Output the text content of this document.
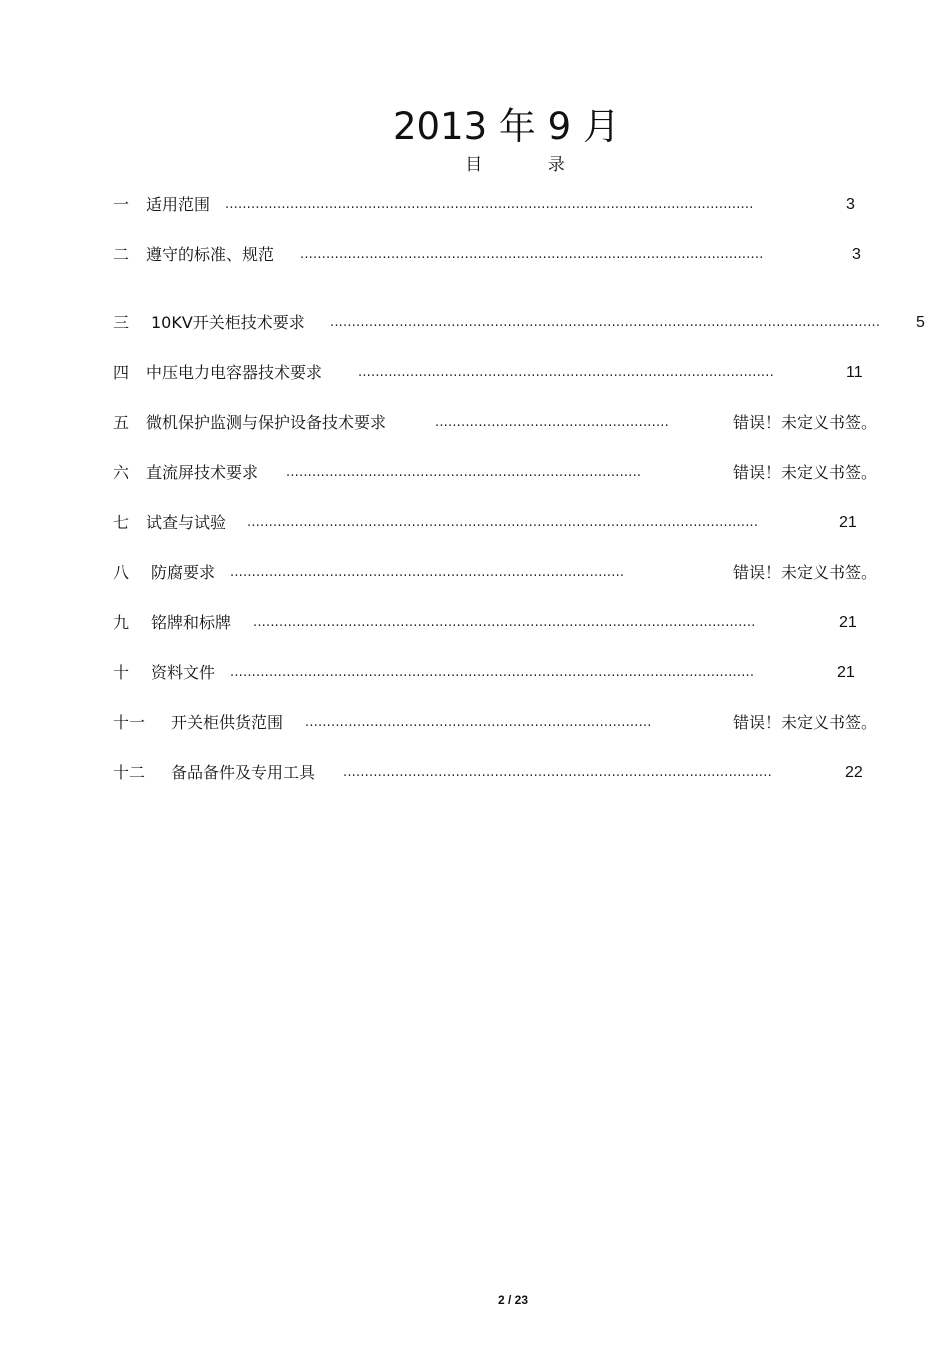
2013 年 9 月
目 录
一 适用范围 ..........................................................................................................................	3
二 遵守的标准、规范 ...........................................................................................................	3
三 10KV开关柜技术要求 ...............................................................................................................................	5
四 中压电力电容器技术要求	................................................................................................	11
五 微机保护监测与保护设备技术要求	......................................................	错误！未定义书签。
六 直流屏技术要求 ..................................................................................	错误！未定义书签。
七 试查与试验 ......................................................................................................................	21
八 防腐要求 ...........................................................................................	错误！未定义书签。
九 铭牌和标牌 ....................................................................................................................	21
十 资料文件 .........................................................................................................................	21
十一 开关柜供货范围 ................................................................................	错误！未定义书签。
十二 备品备件及专用工具 ...................................................................................................	22
2 / 23
